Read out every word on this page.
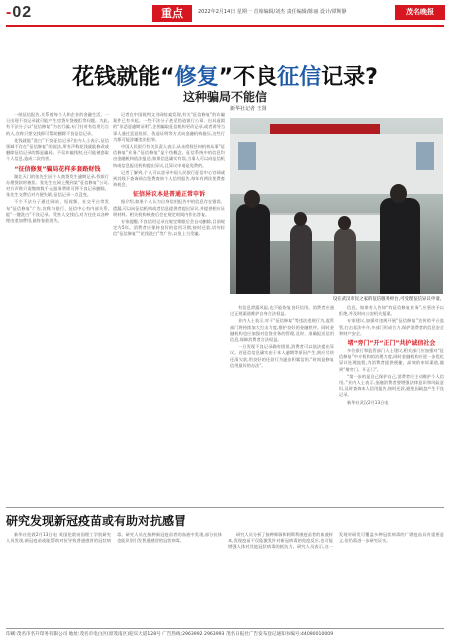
-02	重点	2022年2月14日 星期一 首席编辑/刘杰 责任编辑/陈丽 设计/谭斯静	茂名晚报
花钱就能“修复”不良征信记录?
这种骗局不能信
新华社记者 王贤

一纸征信报告,关系着每个人和企业的金融生活。一旦出现不良记录就可能产生房贷车贷被拒等问题。为此,有不法分子以“征信修复”为名行骗,专门针对有信用污点的人,宣称只要交钱即可帮助删除不良征信记录。

花钱就能“洗白”不良征信记录?业内人士表示,征信领域不存在“征信修复”的说法,所有声称花钱就能修改或删除征信记录的都是骗局。不仅诈骗钱财,还可能被套取个人信息,造成二次伤害。

“征信修复”骗局花样多套路财钱

湖北天门的张先生因个人商贷发生逾期记录,找银行办理贷款时被拒。张先生在网上搜到某“征信修复”公司,对方声称只需缴纳数千元服务费即可将不良记录删除。张先生交费后对方便失联,征信记录一点没变。

不少不法分子通过网站、短视频、社交平台等发布“征信修复”广告,宣称与银行、征信中心有内部关系,能“一键洗白”不良记录。受害人交钱后,对方往往以各种理由追加费用,最终卷款消失。

记者在中国裁判文书网检索发现,有关“征信修复”的诈骗案件已有多起。一些不法分子甚至伪造银行公章、出具虚假的“非恶意逾期证明”,企图骗取征信机构更改记录,或者诱导当事人通过恶意投诉、伪造证明等方式向金融机构施压,这些行为都可能涉嫌违法犯罪。

中国人民银行有关负责人表示,从未授权任何机构从事“征信修复”业务,“征信修复”是个伪概念。征信系统中的信息均由金融机构依法报送,如果信息确实有误,当事人可以向征信机构或信息报送机构提出异议,且异议申请是免费的。

记者了解到,个人可以登录中国人民银行征信中心官网或到其线下查询网点免费查询个人信用报告,每年有两次免费查询机会。

征信异议本是普通正常申诉

据介绍,如果个人认为自身信用报告中的信息存在错误、遗漏,可以向征信机构或者信息提供者提出异议,并提供相应证明材料。相关机构核查后会在规定时间内作出答复。

专家提醒,不良信用记录在规定期限后会自动删除,目前规定为5年。消费者应保持良好的信用习惯,按时还款,切勿轻信“征信修复”“花钱洗白”等广告,以免上当受骗。

设在武汉市民之家的征信服务柜台,可受理征信异议申请。

有信息泄露风险,也不能恢复良好信用。消费者应通过正规渠道维护自身合法权益。

业内人士表示,对于“征信修复”等违法违规行为,监管部门将持续加大打击力度,维护良好的金融秩序。同时金融机构也应加强对信贷业务的管理,及时、准确报送信用信息,保障消费者合法权益。

一旦发现不良记录确有错误,消费者可以依法提出异议。若征信信息确实由于本人逾期等原因产生,则应尽快还清欠款,用良好的还款行为逐步积累信用,“时间是修复信用最好的办法”。

信息。如果有人告知“有征信修复业务”,应坚决予以拒绝,并及时向公安机关报案。

专家建议,加强对违规开展“征信修复”宣传的平台监管,打击非法中介,多部门形成合力,保护消费者的信息安全和财产安全。

堵“旁门”开“正门”共护诚信社会

多位银行和监管部门人士建议,相关部门应加强对“征信修复”中介机构的治理力度,同时金融机构应进一步优化异议处理流程,为消费者提供便捷、高效的申诉渠道,做到“堵旁门、开正门”。

“第一步的是自己保护自己,消费者应主动维护个人信用。”业内人士表示,金融消费者要增强法律意识和风险意识,及时查询本人信用报告,按时还款,避免因疏忽产生不良记录。

新华社武汉2月13日电

研究发现新冠疫苗或有助对抗感冒

新华社伦敦2月13日电 英国伦敦帝国理工学院研究人员发现,新冠疫苗或能帮助对抗导致普通感冒的冠状病毒。研究人员在接种新冠疫苗者的血液中发现,部分抗体也能识别引发普通感冒的冠状病毒。

研究人员分析了接种辉瑞和阿斯利康疫苗者的血液样本,发现疫苗不仅能激发针对新冠病毒的免疫反应,也可能增强人体对其他冠状病毒的抵抗力。研究人员表示,这一发现对研发可覆盖多种冠状病毒的广谱疫苗具有重要意义,但仍需进一步研究证实。

印刷:茂名市名升印务有限公司 地址:茂名市电白区(原茂南区)迎宾大道128号 广告热线:2963992 2963993 茂名日报社广告发布登记通知书编号:44090010009
